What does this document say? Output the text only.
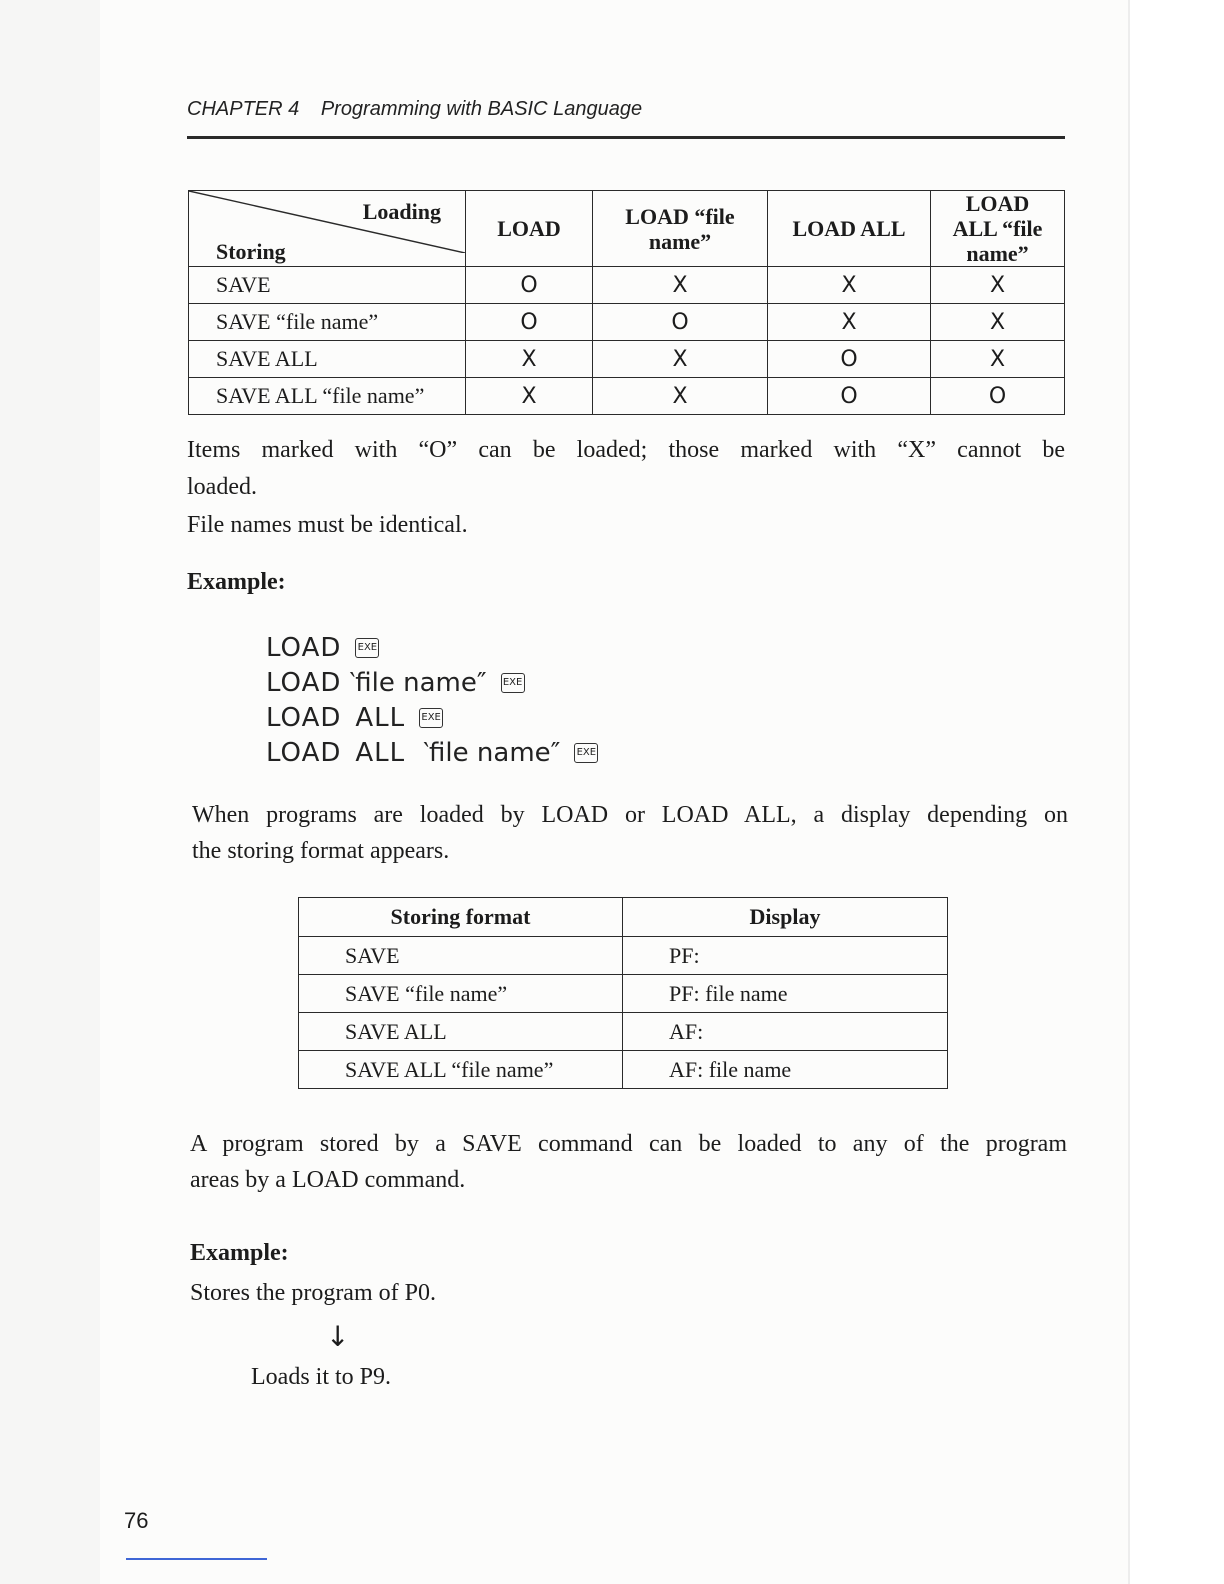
CHAPTER 4 Programming with BASIC Language
Loading
Storing	LOAD	LOAD “file name”	LOAD ALL	LOAD ALL “file name”
SAVE	O	X	X	X
SAVE “file name”	O	O	X	X
SAVE ALL	X	X	O	X
SAVE ALL “file name”	X	X	O	O

Items marked with “O” can be loaded; those marked with “X” cannot be

loaded.

File names must be identical.

Example:

LOAD EXE
LOAD ‵file name″ EXE
LOAD ALL EXE
LOAD ALL ‵file name″ EXE

When programs are loaded by LOAD or LOAD ALL, a display depending on

the storing format appears.

Storing format	Display
SAVE	PF:
SAVE “file name”	PF: file name
SAVE ALL	AF:
SAVE ALL “file name”	AF: file name

A program stored by a SAVE command can be loaded to any of the program

areas by a LOAD command.

Example:

Stores the program of P0.

↓

Loads it to P9.

76
